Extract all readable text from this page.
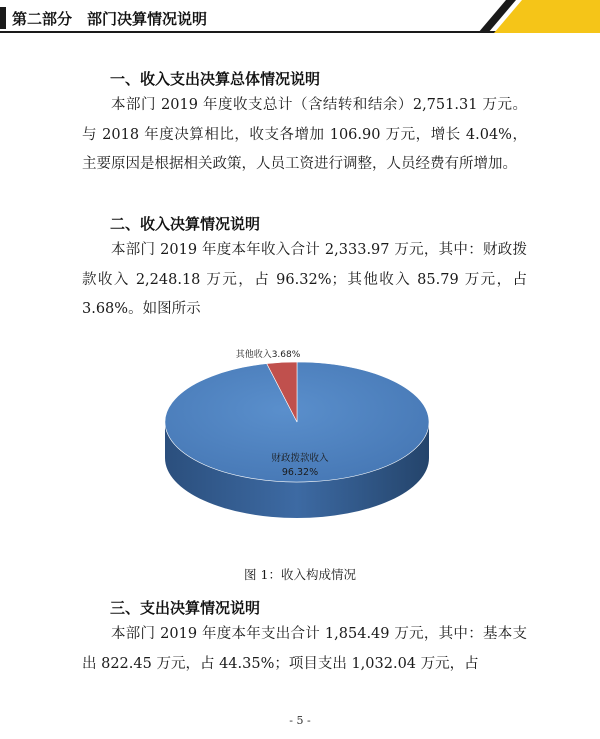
第二部分　部门决算情况说明
一、收入支出决算总体情况说明

本部门 2019 年度收支总计（含结转和结余）2,751.31 万元。与 2018 年度决算相比，收支各增加 106.90 万元，增长 4.04%，主要原因是根据相关政策，人员工资进行调整，人员经费有所增加。

二、收入决算情况说明

本部门 2019 年度本年收入合计 2,333.97 万元，其中：财政拨款收入 2,248.18 万元，占 96.32%；其他收入 85.79 万元，占 3.68%。如图所示

其他收入3.68%
财政拨款收入
96.32%
图 1：收入构成情况
三、支出决算情况说明

本部门 2019 年度本年支出合计 1,854.49 万元，其中：基本支出 822.45 万元，占 44.35%；项目支出 1,032.04 万元，占

- 5 -
